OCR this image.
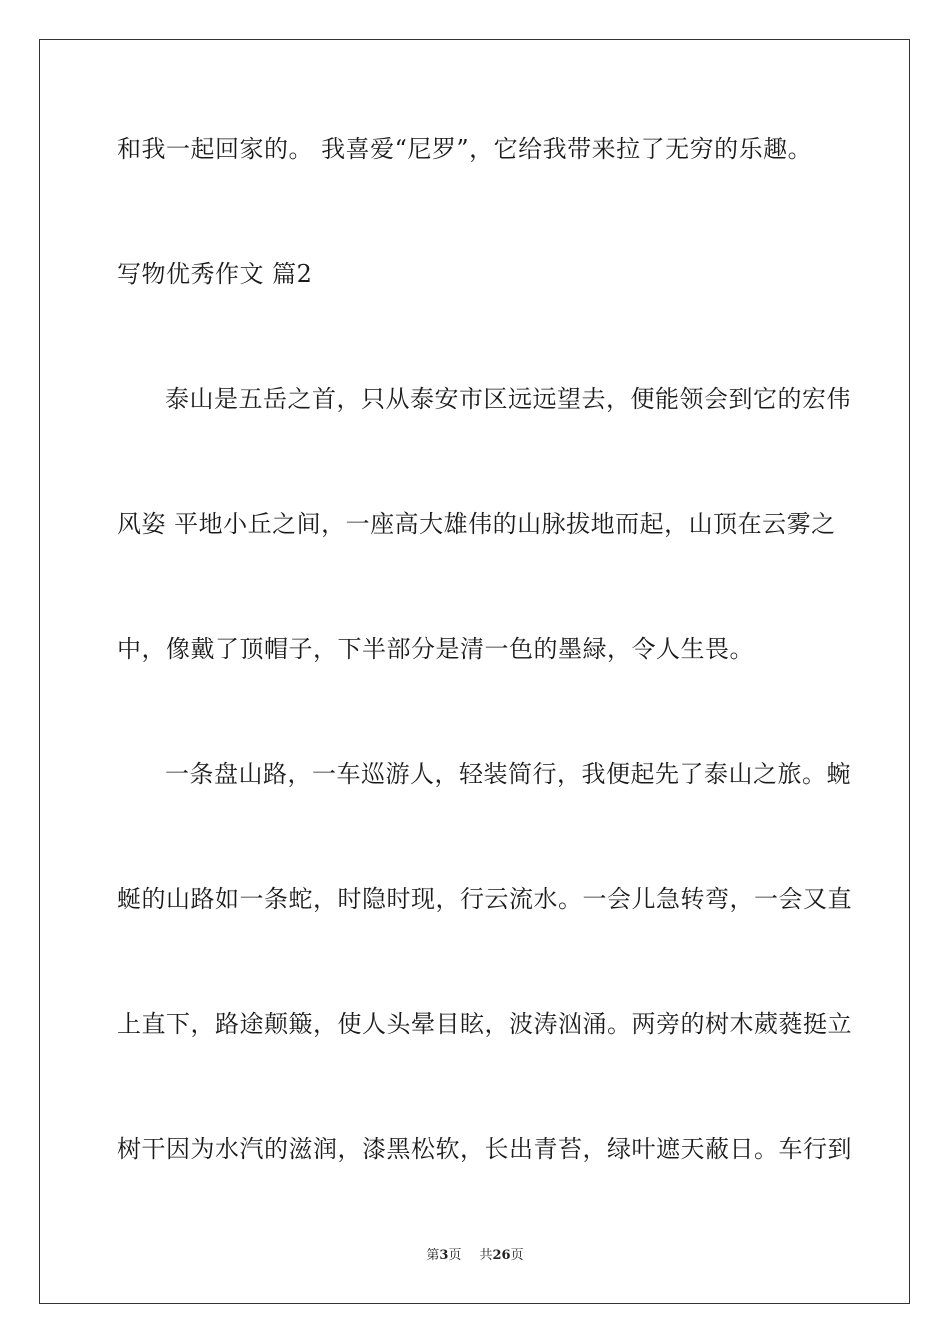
和我一起回家的。 我喜爱“尼罗”，它给我带来拉了无穷的乐趣。
写物优秀作文 篇2
泰山是五岳之首，只从泰安市区远远望去，便能领会到它的宏伟
风姿 平地小丘之间，一座高大雄伟的山脉拔地而起，山顶在云雾之
中，像戴了顶帽子，下半部分是清一色的墨緑，令人生畏。
一条盘山路，一车巡游人，轻装简行，我便起先了泰山之旅。蜿
蜒的山路如一条蛇，时隐时现，行云流水。一会儿急转弯，一会又直
上直下，路途颠簸，使人头晕目眩，波涛汹涌。两旁的树木葳蕤挺立
树干因为水汽的滋润，漆黑松软，长出青苔，绿叶遮天蔽日。车行到
第3页 共26页
